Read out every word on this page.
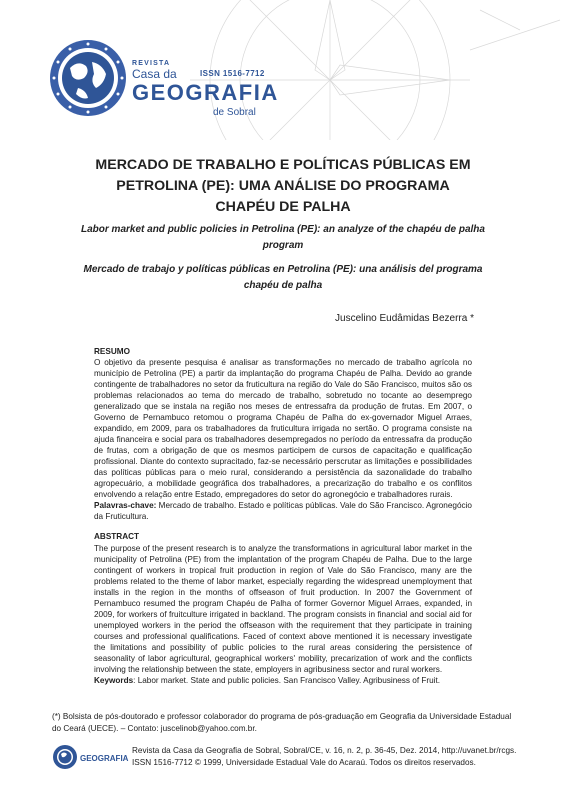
REVISTA
Casa da
GEOGRAFIA
de Sobral
ISSN 1516-7712
MERCADO DE TRABALHO E POLÍTICAS PÚBLICAS EM PETROLINA (PE): UMA ANÁLISE DO PROGRAMA CHAPÉU DE PALHA
Labor market and public policies in Petrolina (PE): an analyze of the chapéu de palha program
Mercado de trabajo y políticas públicas en Petrolina (PE): una análisis del programa chapéu de palha
Juscelino Eudâmidas Bezerra *
RESUMO
O objetivo da presente pesquisa é analisar as transformações no mercado de trabalho agrícola no município de Petrolina (PE) a partir da implantação do programa Chapéu de Palha. Devido ao grande contingente de trabalhadores no setor da fruticultura na região do Vale do São Francisco, muitos são os problemas relacionados ao tema do mercado de trabalho, sobretudo no tocante ao desemprego generalizado que se instala na região nos meses de entressafra da produção de frutas. Em 2007, o Governo de Pernambuco retomou o programa Chapéu de Palha do ex-governador Miguel Arraes, expandido, em 2009, para os trabalhadores da fruticultura irrigada no sertão. O programa consiste na ajuda financeira e social para os trabalhadores desempregados no período da entressafra da produção de frutas, com a obrigação de que os mesmos participem de cursos de capacitação e qualificação profissional. Diante do contexto supracitado, faz-se necessário perscrutar as limitações e possibilidades das políticas públicas para o meio rural, considerando a persistência da sazonalidade do trabalho agropecuário, a mobilidade geográfica dos trabalhadores, a precarização do trabalho e os conflitos envolvendo a relação entre Estado, empregadores do setor do agronegócio e trabalhadores rurais.
Palavras-chave: Mercado de trabalho. Estado e políticas públicas. Vale do São Francisco. Agronegócio da Fruticultura.
ABSTRACT
The purpose of the present research is to analyze the transformations in agricultural labor market in the municipality of Petrolina (PE) from the implantation of the program Chapéu de Palha. Due to the large contingent of workers in tropical fruit production in region of Vale do São Francisco, many are the problems related to the theme of labor market, especially regarding the widespread unemployment that installs in the region in the months of offseason of fruit production. In 2007 the Government of Pernambuco resumed the program Chapéu de Palha of former Governor Miguel Arraes, expanded, in 2009, for workers of fruitculture irrigated in backland. The program consists in financial and social aid for unemployed workers in the period the offseason with the requirement that they participate in training courses and professional qualifications. Faced of context above mentioned it is necessary investigate the limitations and possibility of public policies to the rural areas considering the persistence of seasonality of labor agricultural, geographical workers' mobility, precarization of work and the conflicts involving the relationship between the state, employers in agribusiness sector and rural workers.
Keywords: Labor market. State and public policies. San Francisco Valley. Agribusiness of Fruit.
(*) Bolsista de pós-doutorado e professor colaborador do programa de pós-graduação em Geografia da Universidade Estadual do Ceará (UECE). – Contato: juscelinob@yahoo.com.br.
GEOGRAFIA
Revista da Casa da Geografia de Sobral, Sobral/CE, v. 16, n. 2, p. 36-45, Dez. 2014, http://uvanet.br/rcgs.
ISSN 1516-7712 © 1999, Universidade Estadual Vale do Acaraú. Todos os direitos reservados.
